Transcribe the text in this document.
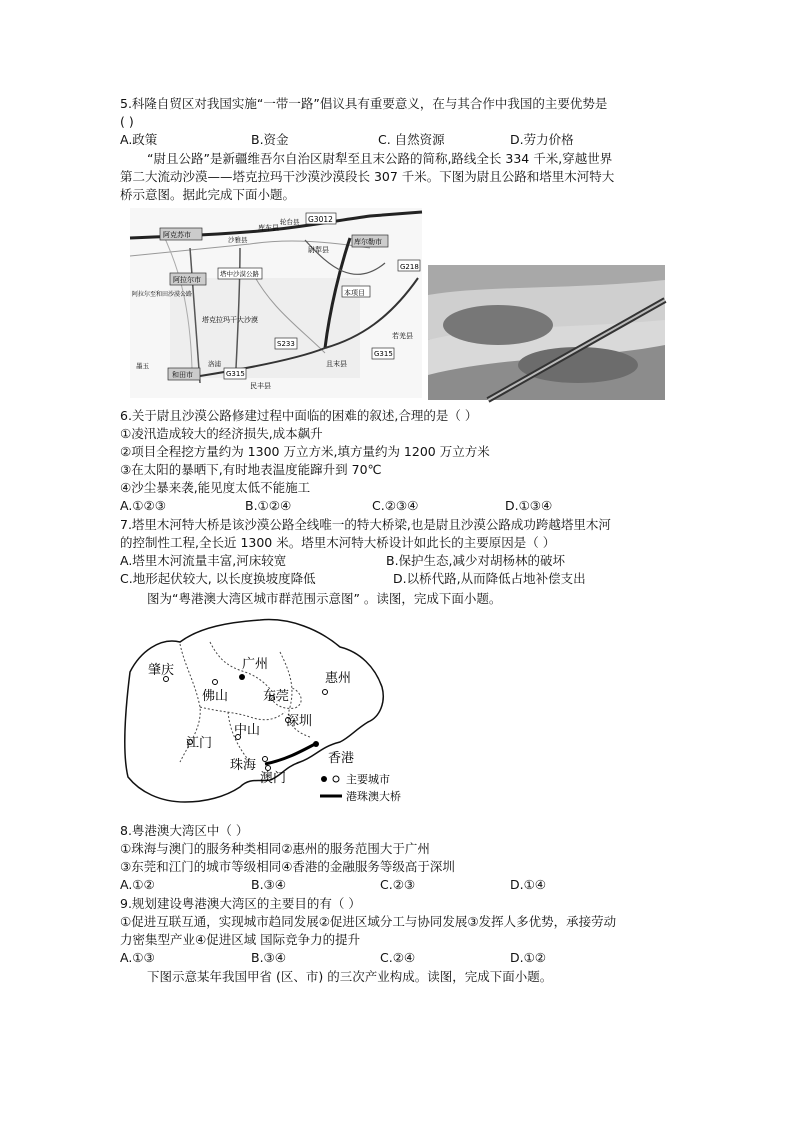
5.科隆自贸区对我国实施“一带一路”倡议具有重要意义，在与其合作中我国的主要优势是
( )
A.政策	B.资金	C. 自然资源	D.劳力价格
“尉且公路”是新疆维吾尔自治区尉犁至且末公路的简称,路线全长 334 千米,穿越世界
第二大流动沙漠——塔克拉玛干沙漠沙漠段长 307 千米。下图为尉且公路和塔里木河特大
桥示意图。据此完成下面小题。
G3012
库车县
尉犁县
库尔勒市
阿克苏市
阿拉尔市
塔中沙漠公路
阿拉尔至和田沙漠公路
塔克拉玛干大沙漠
G218
本项目
若羌县
且末县
民丰县
和田市
S233
G315
G315
沙雅县
轮台县
墨玉	洛浦
6.关于尉且沙漠公路修建过程中面临的困难的叙述,合理的是（ ）
①凌汛造成较大的经济损失,成本飙升
②项目全程挖方量约为 1300 万立方米,填方量约为 1200 万立方米
③在太阳的暴晒下,有时地表温度能蹿升到 70℃
④沙尘暴来袭,能见度太低不能施工
A.①②③	B.①②④	C.②③④	D.①③④
7.塔里木河特大桥是该沙漠公路全线唯一的特大桥梁,也是尉且沙漠公路成功跨越塔里木河
的控制性工程,全长近 1300 米。塔里木河特大桥设计如此长的主要原因是（ ）
A.塔里木河流量丰富,河床较宽	B.保护生态,减少对胡杨林的破坏
C.地形起伏较大, 以长度换坡度降低	D.以桥代路,从而降低占地补偿支出
图为“粤港澳大湾区城市群范围示意图” 。读图，完成下面小题。
肇庆	广州
佛山	东莞
惠州
深圳
江门
中山
珠海
澳门
香港
主要城市
港珠澳大桥
8.粤港澳大湾区中（ ）
①珠海与澳门的服务种类相同②惠州的服务范围大于广州
③东莞和江门的城市等级相同④香港的金融服务等级高于深圳
A.①②	B.③④	C.②③	D.①④
9.规划建设粤港澳大湾区的主要目的有（ ）
①促进互联互通，实现城市趋同发展②促进区域分工与协同发展③发挥人多优势，承接劳动
力密集型产业④促进区域 国际竞争力的提升
A.①③	B.③④	C.②④	D.①②
下图示意某年我国甲省 (区、市) 的三次产业构成。读图，完成下面小题。
